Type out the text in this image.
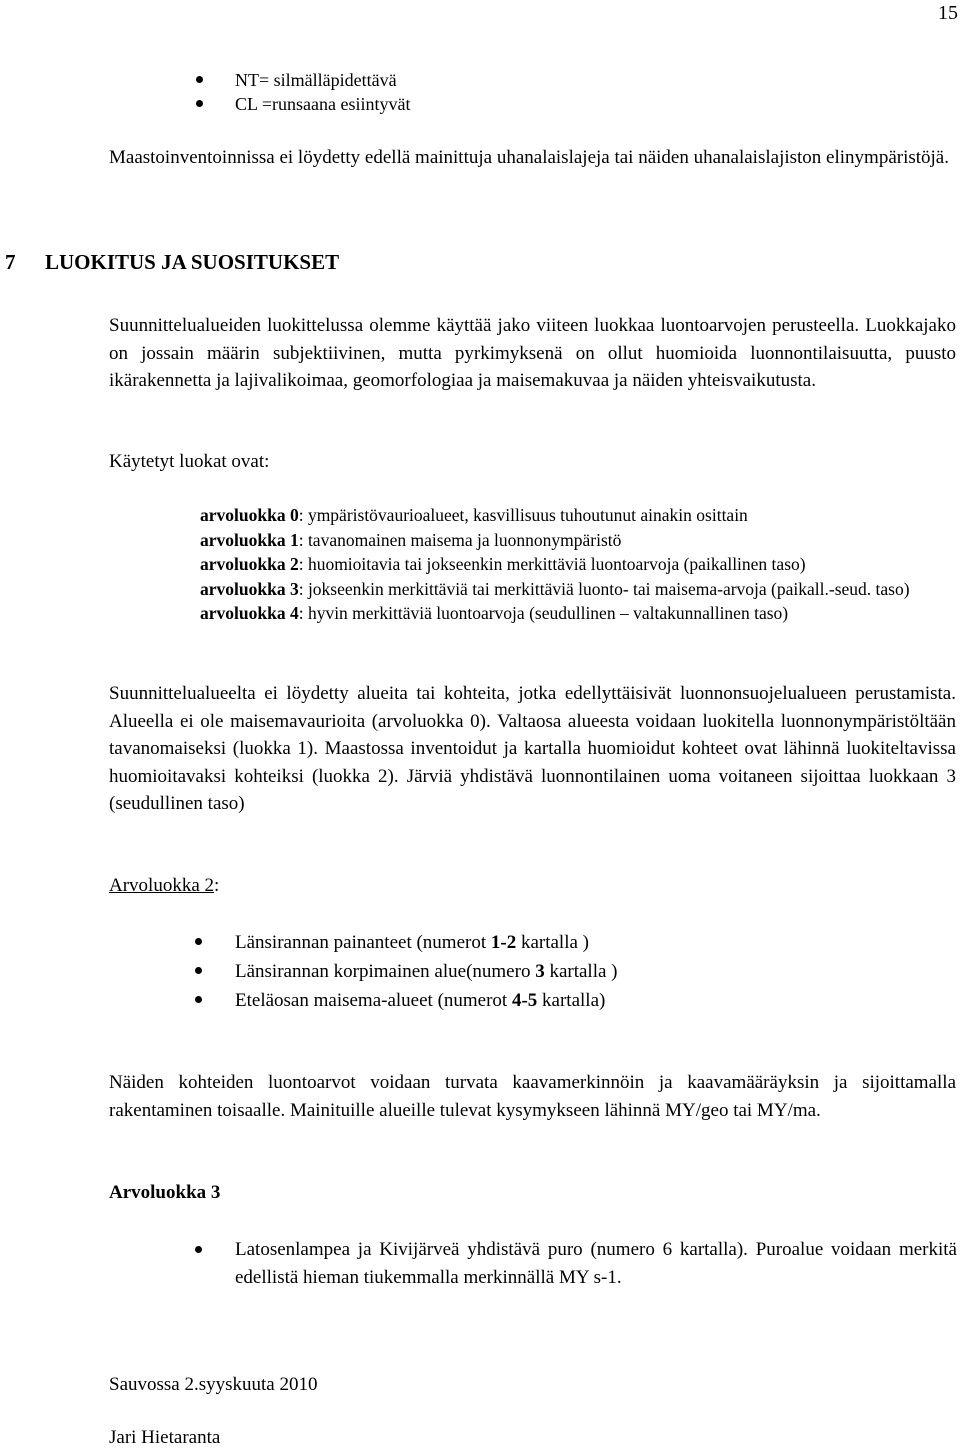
15
NT= silmälläpidettävä
CL =runsaana esiintyvät

Maastoinventoinnissa ei löydetty edellä mainittuja uhanalaislajeja tai näiden uhanalaislajiston elinympäristöjä.

7 LUOKITUS JA SUOSITUKSET

Suunnittelualueiden luokittelussa olemme käyttää jako viiteen luokkaa luontoarvojen perusteella. Luokkajako on jossain määrin subjektiivinen, mutta pyrkimyksenä on ollut huomioida luonnontilaisuutta, puusto ikärakennetta ja lajivalikoimaa, geomorfologiaa ja maisemakuvaa ja näiden yhteisvaikutusta.

Käytetyt luokat ovat:
arvoluokka 0: ympäristövaurioalueet, kasvillisuus tuhoutunut ainakin osittain
arvoluokka 1: tavanomainen maisema ja luonnonympäristö
arvoluokka 2: huomioitavia tai jokseenkin merkittäviä luontoarvoja (paikallinen taso)
arvoluokka 3: jokseenkin merkittäviä tai merkittäviä luonto- tai maisema-arvoja (paikall.-seud. taso)
arvoluokka 4: hyvin merkittäviä luontoarvoja (seudullinen – valtakunnallinen taso)

Suunnittelualueelta ei löydetty alueita tai kohteita, jotka edellyttäisivät luonnonsuojelualueen perustamista. Alueella ei ole maisemavaurioita (arvoluokka 0). Valtaosa alueesta voidaan luokitella luonnonympäristöltään tavanomaiseksi (luokka 1). Maastossa inventoidut ja kartalla huomioidut kohteet ovat lähinnä luokiteltavissa huomioitavaksi kohteiksi (luokka 2). Järviä yhdistävä luonnontilainen uoma voitaneen sijoittaa luokkaan 3 (seudullinen taso)

Arvoluokka 2:
Länsirannan painanteet (numerot 1-2 kartalla )
Länsirannan korpimainen alue(numero 3 kartalla )
Eteläosan maisema-alueet (numerot 4-5 kartalla)

Näiden kohteiden luontoarvot voidaan turvata kaavamerkinnöin ja kaavamääräyksin ja sijoittamalla rakentaminen toisaalle. Mainituille alueille tulevat kysymykseen lähinnä MY/geo tai MY/ma.

Arvoluokka 3
Latosenlampea ja Kivijärveä yhdistävä puro (numero 6 kartalla). Puroalue voidaan merkitä edellistä hieman tiukemmalla merkinnällä MY s-1.
Sauvossa 2.syyskuuta 2010
Jari Hietaranta
